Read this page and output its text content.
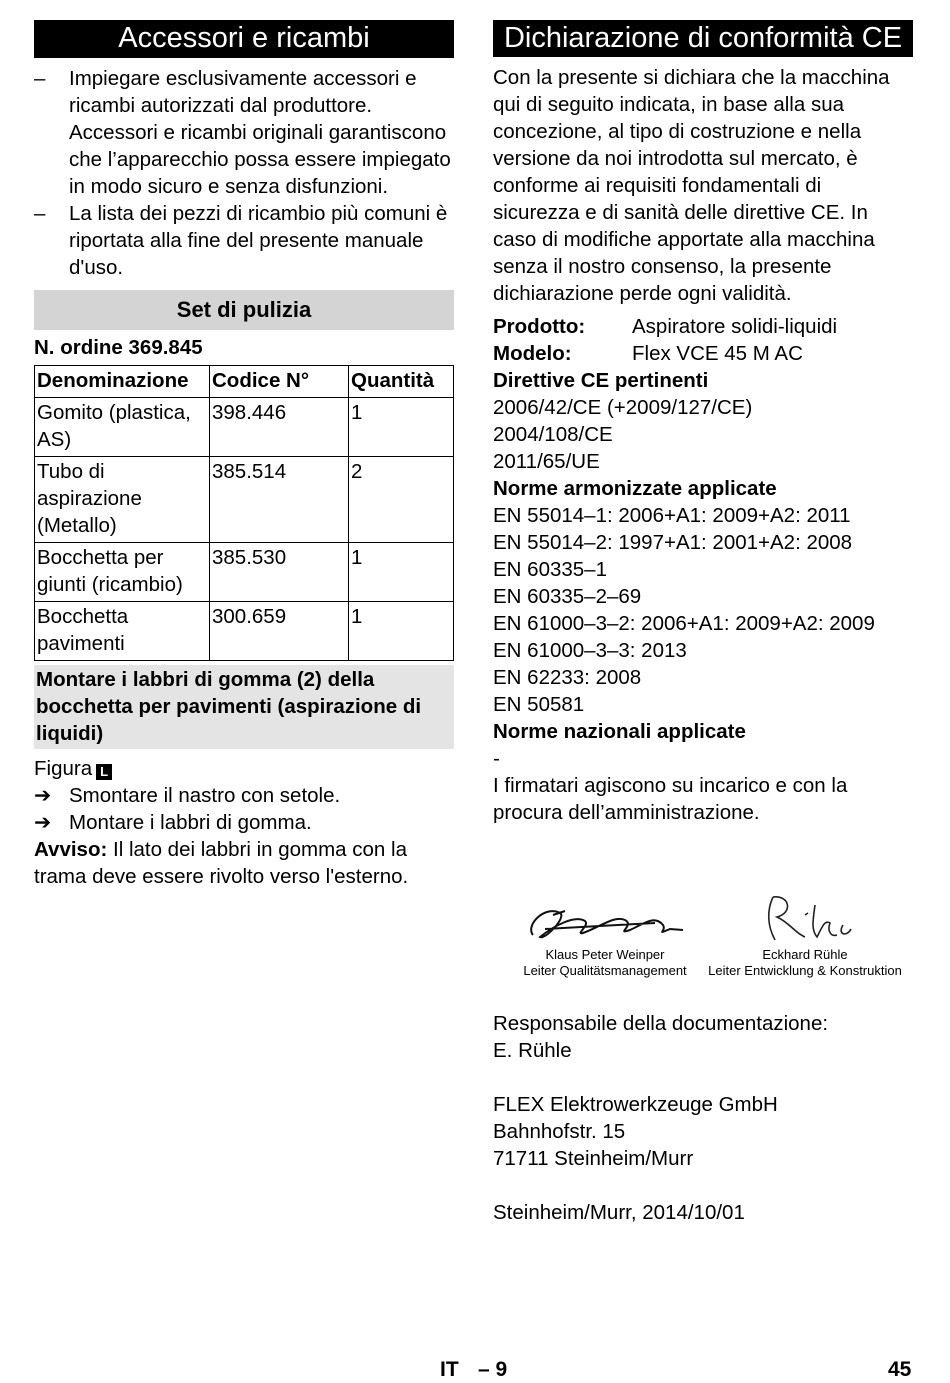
Accessori e ricambi
– Impiegare esclusivamente accessori e ricambi autorizzati dal produttore. Accessori e ricambi originali garantiscono che l’apparecchio possa essere impiegato in modo sicuro e senza disfunzioni.
– La lista dei pezzi di ricambio più comuni è riportata alla fine del presente manuale d'uso.
Set di pulizia
N. ordine 369.845
Denominazione	Codice N°	Quantità
Gomito (plastica, AS)	398.446	1
Tubo di aspirazione (Metallo)	385.514	2
Bocchetta per giunti (ricambio)	385.530	1
Bocchetta pavimenti	300.659	1
Montare i labbri di gomma (2) della bocchetta per pavimenti (aspirazione di liquidi)
Figura L
➔ Smontare il nastro con setole.
➔ Montare i labbri di gomma.
Avviso: Il lato dei labbri in gomma con la trama deve essere rivolto verso l'esterno.
Dichiarazione di conformità CE
Con la presente si dichiara che la macchina qui di seguito indicata, in base alla sua concezione, al tipo di costruzione e nella versione da noi introdotta sul mercato, è conforme ai requisiti fondamentali di sicurezza e di sanità delle direttive CE. In caso di modifiche apportate alla macchina senza il nostro consenso, la presente dichiarazione perde ogni validità.
Prodotto:	Aspiratore solidi-liquidi
Modelo:	Flex VCE 45 M AC
Direttive CE pertinenti
2006/42/CE (+2009/127/CE)
2004/108/CE
2011/65/UE
Norme armonizzate applicate
EN 55014–1: 2006+A1: 2009+A2: 2011
EN 55014–2: 1997+A1: 2001+A2: 2008
EN 60335–1
EN 60335–2–69
EN 61000–3–2: 2006+A1: 2009+A2: 2009
EN 61000–3–3: 2013
EN 62233: 2008
EN 50581
Norme nazionali applicate
-
I firmatari agiscono su incarico e con la procura dell’amministrazione.
Klaus Peter Weinper
Leiter Qualitätsmanagement
Eckhard Rühle
Leiter Entwicklung & Konstruktion
Responsabile della documentazione:
E. Rühle
FLEX Elektrowerkzeuge GmbH
Bahnhofstr. 15
71711 Steinheim/Murr
Steinheim/Murr, 2014/10/01
IT – 9	45
